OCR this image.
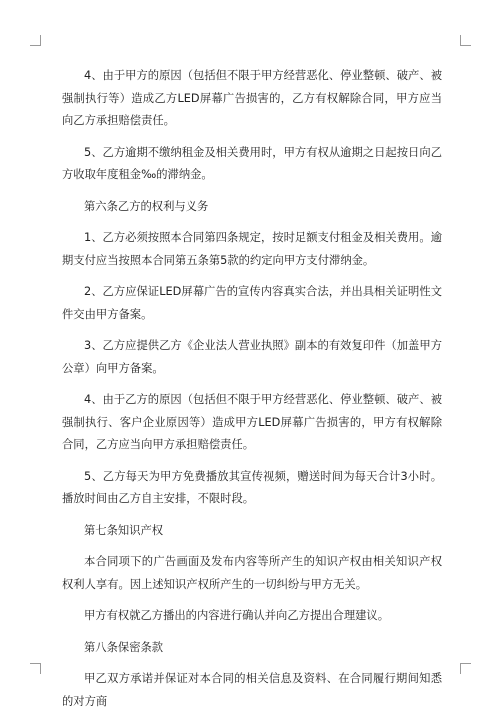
4、由于甲方的原因（包括但不限于甲方经营恶化、停业整顿、破产、被强制执行等）造成乙方LED屏幕广告损害的，乙方有权解除合同，甲方应当向乙方承担赔偿责任。

5、乙方逾期不缴纳租金及相关费用时，甲方有权从逾期之日起按日向乙方收取年度租金‰的滞纳金。

第六条乙方的权利与义务

1、乙方必须按照本合同第四条规定，按时足额支付租金及相关费用。逾期支付应当按照本合同第五条第5款的约定向甲方支付滞纳金。

2、乙方应保证LED屏幕广告的宣传内容真实合法，并出具相关证明性文件交由甲方备案。

3、乙方应提供乙方《企业法人营业执照》副本的有效复印件（加盖甲方公章）向甲方备案。

4、由于乙方的原因（包括但不限于甲方经营恶化、停业整顿、破产、被强制执行、客户企业原因等）造成甲方LED屏幕广告损害的，甲方有权解除合同，乙方应当向甲方承担赔偿责任。

5、乙方每天为甲方免费播放其宣传视频，赠送时间为每天合计3小时。播放时间由乙方自主安排，不限时段。

第七条知识产权

本合同项下的广告画面及发布内容等所产生的知识产权由相关知识产权权利人享有。因上述知识产权所产生的一切纠纷与甲方无关。

甲方有权就乙方播出的内容进行确认并向乙方提出合理建议。

第八条保密条款

甲乙双方承诺并保证对本合同的相关信息及资料、在合同履行期间知悉的对方商
